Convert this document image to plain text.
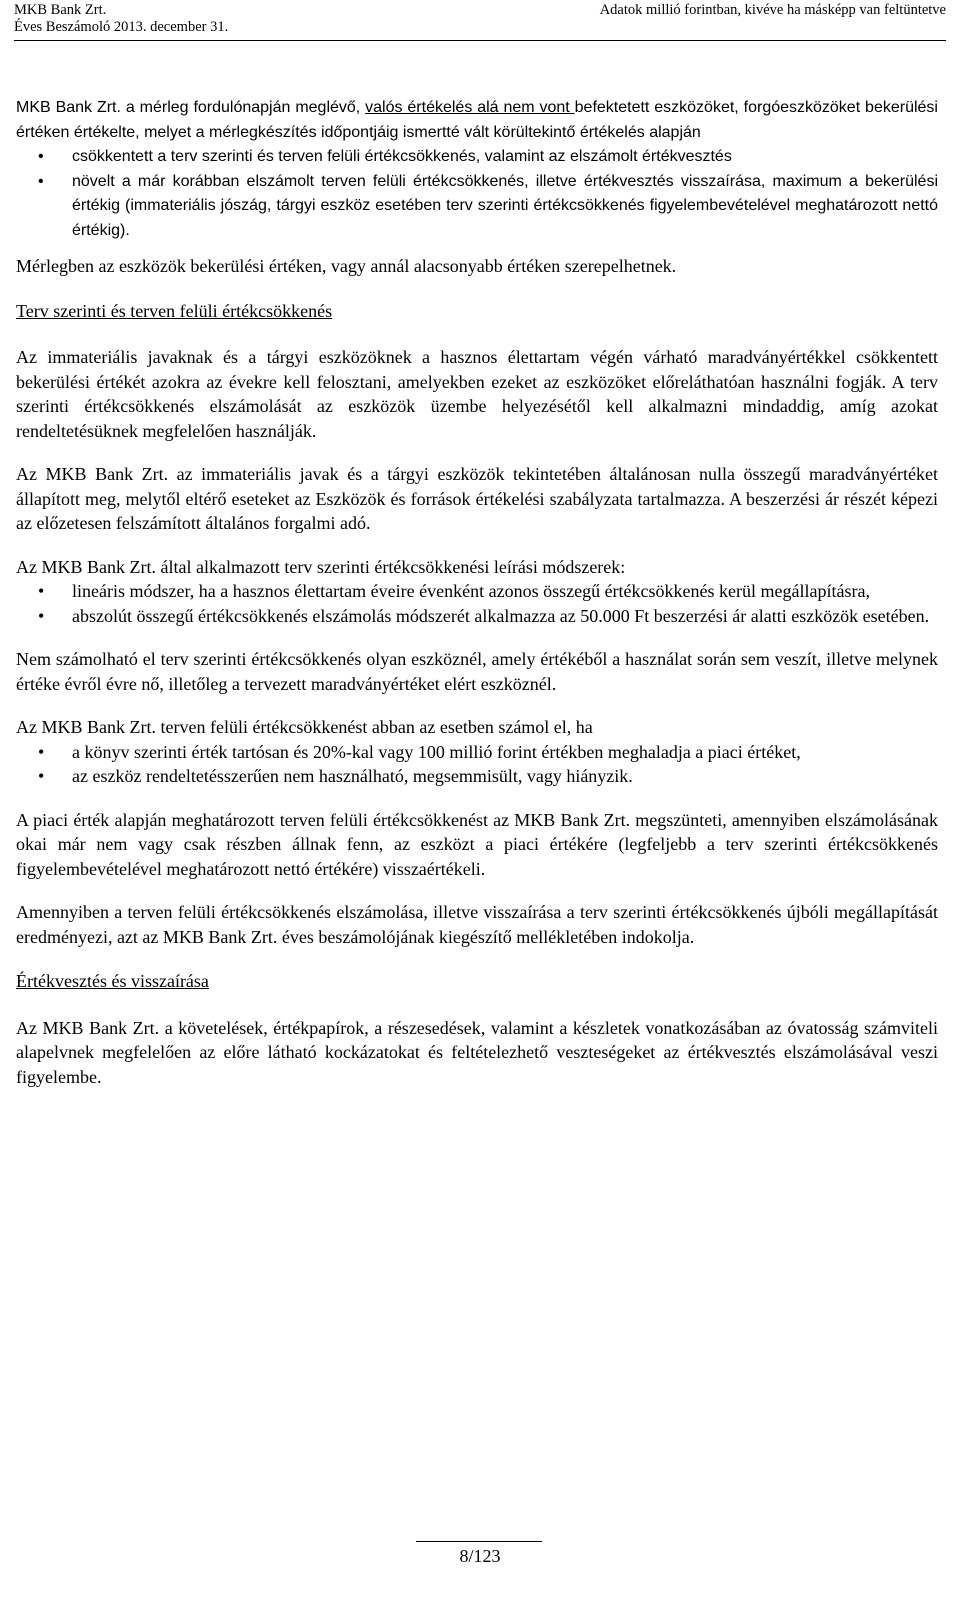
MKB Bank Zrt.
Éves Beszámoló 2013. december 31.
Adatok millió forintban, kivéve ha másképp van feltüntetve

MKB Bank Zrt. a mérleg fordulónapján meglévő, valós értékelés alá nem vont befektetett eszközöket, forgóeszközöket bekerülési értéken értékelte, melyet a mérlegkészítés időpontjáig ismertté vált körültekintő értékelés alapján

• csökkentett a terv szerinti és terven felüli értékcsökkenés, valamint az elszámolt értékvesztés
• növelt a már korábban elszámolt terven felüli értékcsökkenés, illetve értékvesztés visszaírása, maximum a bekerülési értékig (immateriális jószág, tárgyi eszköz esetében terv szerinti értékcsökkenés figyelembevételével meghatározott nettó értékig).

Mérlegben az eszközök bekerülési értéken, vagy annál alacsonyabb értéken szerepelhetnek.

Terv szerinti és terven felüli értékcsökkenés

Az immateriális javaknak és a tárgyi eszközöknek a hasznos élettartam végén várható maradványértékkel csökkentett bekerülési értékét azokra az évekre kell felosztani, amelyekben ezeket az eszközöket előreláthatóan használni fogják. A terv szerinti értékcsökkenés elszámolását az eszközök üzembe helyezésétől kell alkalmazni mindaddig, amíg azokat rendeltetésüknek megfelelően használják.

Az MKB Bank Zrt. az immateriális javak és a tárgyi eszközök tekintetében általánosan nulla összegű maradványértéket állapított meg, melytől eltérő eseteket az Eszközök és források értékelési szabályzata tartalmazza. A beszerzési ár részét képezi az előzetesen felszámított általános forgalmi adó.

Az MKB Bank Zrt. által alkalmazott terv szerinti értékcsökkenési leírási módszerek:

• lineáris módszer, ha a hasznos élettartam éveire évenként azonos összegű értékcsökkenés kerül megállapításra,
• abszolút összegű értékcsökkenés elszámolás módszerét alkalmazza az 50.000 Ft beszerzési ár alatti eszközök esetében.

Nem számolható el terv szerinti értékcsökkenés olyan eszköznél, amely értékéből a használat során sem veszít, illetve melynek értéke évről évre nő, illetőleg a tervezett maradványértéket elért eszköznél.

Az MKB Bank Zrt. terven felüli értékcsökkenést abban az esetben számol el, ha

• a könyv szerinti érték tartósan és 20%-kal vagy 100 millió forint értékben meghaladja a piaci értéket,
• az eszköz rendeltetésszerűen nem használható, megsemmisült, vagy hiányzik.

A piaci érték alapján meghatározott terven felüli értékcsökkenést az MKB Bank Zrt. megszünteti, amennyiben elszámolásának okai már nem vagy csak részben állnak fenn, az eszközt a piaci értékére (legfeljebb a terv szerinti értékcsökkenés figyelembevételével meghatározott nettó értékére) visszaértékeli.

Amennyiben a terven felüli értékcsökkenés elszámolása, illetve visszaírása a terv szerinti értékcsökkenés újbóli megállapítását eredményezi, azt az MKB Bank Zrt. éves beszámolójának kiegészítő mellékletében indokolja.

Értékvesztés és visszaírása

Az MKB Bank Zrt. a követelések, értékpapírok, a részesedések, valamint a készletek vonatkozásában az óvatosság számviteli alapelvnek megfelelően az előre látható kockázatokat és feltételezhető veszteségeket az értékvesztés elszámolásával veszi figyelembe.

8/123
